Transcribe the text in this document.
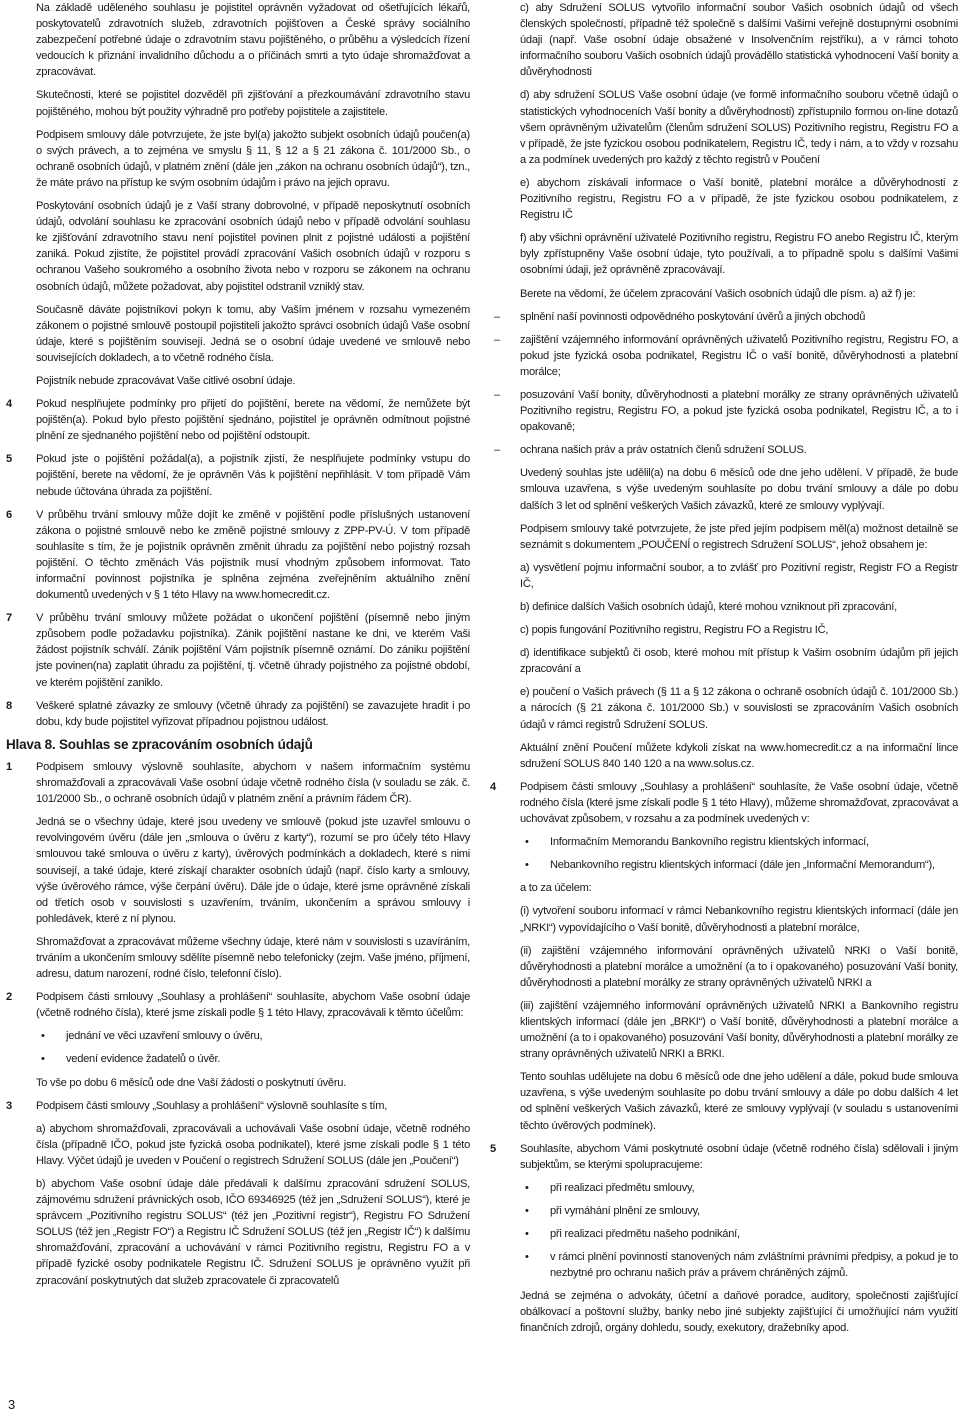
Na základě uděleného souhlasu je pojistitel oprávněn vyžadovat od ošetřujících lékařů, poskytovatelů zdravotních služeb, zdravotních pojišťoven a České správy sociálního zabezpečení potřebné údaje o zdravotním stavu pojištěného, o průběhu a výsledcích řízení vedoucích k přiznání invalidního důchodu a o příčinách smrti a tyto údaje shromažďovat a zpracovávat.

Skutečnosti, které se pojistitel dozvěděl při zjišťování a přezkoumávání zdravotního stavu pojištěného, mohou být použity výhradně pro potřeby pojistitele a zajistitele.

Podpisem smlouvy dále potvrzujete, že jste byl(a) jakožto subjekt osobních údajů poučen(a) o svých právech, a to zejména ve smyslu § 11, § 12 a § 21 zákona č. 101/2000 Sb., o ochraně osobních údajů, v platném znění (dále jen „zákon na ochranu osobních údajů“), tzn., že máte právo na přístup ke svým osobním údajům i právo na jejich opravu.

Poskytování osobních údajů je z Vaší strany dobrovolné, v případě neposkytnutí osobních údajů, odvolání souhlasu ke zpracování osobních údajů nebo v případě odvolání souhlasu ke zjišťování zdravotního stavu není pojistitel povinen plnit z pojistné události a pojištění zaniká. Pokud zjistíte, že pojistitel provádí zpracování Vašich osobních údajů v rozporu s ochranou Vašeho soukromého a osobního života nebo v rozporu se zákonem na ochranu osobních údajů, můžete požadovat, aby pojistitel odstranil vzniklý stav.

Současně dáváte pojistníkovi pokyn k tomu, aby Vaším jménem v rozsahu vymezeném zákonem o pojistné smlouvě postoupil pojistiteli jakožto správci osobních údajů Vaše osobní údaje, které s pojištěním souvisejí. Jedná se o osobní údaje uvedené ve smlouvě nebo souvisejících dokladech, a to včetně rodného čísla.

Pojistník nebude zpracovávat Vaše citlivé osobní údaje.

4	Pokud nesplňujete podmínky pro přijetí do pojištění, berete na vědomí, že nemůžete být pojištěn(a). Pokud bylo přesto pojištění sjednáno, pojistitel je oprávněn odmítnout pojistné plnění ze sjednaného pojištění nebo od pojištění odstoupit.

5	Pokud jste o pojištění požádal(a), a pojistník zjistí, že nesplňujete podmínky vstupu do pojištění, berete na vědomí, že je oprávněn Vás k pojištění nepřihlásit. V tom případě Vám nebude účtována úhrada za pojištění.

6	V průběhu trvání smlouvy může dojít ke změně v pojištění podle příslušných ustanovení zákona o pojistné smlouvě nebo ke změně pojistné smlouvy z ZPP-PV-Ú. V tom případě souhlasíte s tím, že je pojistník oprávněn změnit úhradu za pojištění nebo pojistný rozsah pojištění. O těchto změnách Vás pojistník musí vhodným způsobem informovat. Tato informační povinnost pojistníka je splněna zejména zveřejněním aktuálního znění dokumentů uvedených v § 1 této Hlavy na www.homecredit.cz.

7	V průběhu trvání smlouvy můžete požádat o ukončení pojištění (písemně nebo jiným způsobem podle požadavku pojistníka). Zánik pojištění nastane ke dni, ve kterém Vaši žádost pojistník schválí. Zánik pojištění Vám pojistník písemně oznámí. Do zániku pojištění jste povinen(na) zaplatit úhradu za pojištění, tj. včetně úhrady pojistného za pojistné období, ve kterém pojištění zaniklo.

8	Veškeré splatné závazky ze smlouvy (včetně úhrady za pojištění) se zavazujete hradit i po dobu, kdy bude pojistitel vyřizovat případnou pojistnou událost.

Hlava 8. Souhlas se zpracováním osobních údajů
1	Podpisem smlouvy výslovně souhlasíte, abychom v našem informačním systému shromažďovali a zpracovávali Vaše osobní údaje včetně rodného čísla (v souladu se zák. č. 101/2000 Sb., o ochraně osobních údajů v platném znění a právním řádem ČR).

Jedná se o všechny údaje, které jsou uvedeny ve smlouvě (pokud jste uzavřel smlouvu o revolvingovém úvěru (dále jen „smlouva o úvěru z karty“), rozumí se pro účely této Hlavy smlouvou také smlouva o úvěru z karty), úvěrových podmínkách a dokladech, které s nimi souvisejí, a také údaje, které získají charakter osobních údajů (např. číslo karty a smlouvy, výše úvěrového rámce, výše čerpání úvěru). Dále jde o údaje, které jsme oprávněné získali od třetích osob v souvislosti s uzavřením, trváním, ukončením a správou smlouvy i pohledávek, které z ní plynou.

Shromažďovat a zpracovávat můžeme všechny údaje, které nám v souvislosti s uzavíráním, trváním a ukončením smlouvy sdělíte písemně nebo telefonicky (zejm. Vaše jméno, příjmení, adresu, datum narození, rodné číslo, telefonní číslo).

2	Podpisem části smlouvy „Souhlasy a prohlášení“ souhlasíte, abychom Vaše osobní údaje (včetně rodného čísla), které jsme získali podle § 1 této Hlavy, zpracovávali k těmto účelům:

• jednání ve věci uzavření smlouvy o úvěru,
• vedení evidence žadatelů o úvěr.

To vše po dobu 6 měsíců ode dne Vaší žádosti o poskytnutí úvěru.

3	Podpisem části smlouvy „Souhlasy a prohlášení“ výslovně souhlasíte s tím,

a) abychom shromažďovali, zpracovávali a uchovávali Vaše osobní údaje, včetně rodného čísla (případně IČO, pokud jste fyzická osoba podnikatel), které jsme získali podle § 1 této Hlavy. Výčet údajů je uveden v Poučení o registrech Sdružení SOLUS (dále jen „Poučení“)

b) abychom Vaše osobní údaje dále předávali k dalšímu zpracování sdružení SOLUS, zájmovému sdružení právnických osob, IČO 69346925 (též jen „Sdružení SOLUS“), které je správcem „Pozitivního registru SOLUS“ (též jen „Pozitivní registr“), Registru FO Sdružení SOLUS (též jen „Registr FO“) a Registru IČ Sdružení SOLUS (též jen „Registr IČ“) k dalšímu shromažďování, zpracování a uchovávání v rámci Pozitivního registru, Registru FO a v případě fyzické osoby podnikatele Registru IČ. Sdružení SOLUS je oprávněno využít při zpracování poskytnutých dat služeb zpracovatele či zpracovatelů

c) aby Sdružení SOLUS vytvořilo informační soubor Vašich osobních údajů od všech členských společností, případně též společně s dalšími Vašimi veřejně dostupnými osobními údaji (např. Vaše osobní údaje obsažené v Insolvenčním rejstříku), a v rámci tohoto informačního souboru Vašich osobních údajů prováděllo statistická vyhodnocení Vaší bonity a důvěryhodnosti

d) aby sdružení SOLUS Vaše osobní údaje (ve formě informačního souboru včetně údajů o statistických vyhodnoceních Vaší bonity a důvěryhodnosti) zpřístupnilo formou on-line dotazů všem oprávněným uživatelům (členům sdružení SOLUS) Pozitivního registru, Registru FO a v případě, že jste fyzickou osobou podnikatelem, Registru IČ, tedy i nám, a to vždy v rozsahu a za podmínek uvedených pro každý z těchto registrů v Poučení

e) abychom získávali informace o Vaší bonitě, platební morálce a důvěryhodnosti z Pozitivního registru, Registru FO a v případě, že jste fyzickou osobou podnikatelem, z Registru IČ

f) aby všichni oprávnění uživatelé Pozitivního registru, Registru FO anebo Registru IČ, kterým byly zpřístupněny Vaše osobní údaje, tyto používali, a to případně spolu s dalšími Vašimi osobními údaji, jež oprávněně zpracovávají.

Berete na vědomí, že účelem zpracování Vašich osobních údajů dle písm. a) až f) je:

– splnění naší povinnosti odpovědného poskytování úvěrů a jiných obchodů
– zajištění vzájemného informování oprávněných uživatelů Pozitivního registru, Registru FO, a pokud jste fyzická osoba podnikatel, Registru IČ o vaší bonitě, důvěryhodnosti a platební morálce;
– posuzování Vaší bonity, důvěryhodnosti a platební morálky ze strany oprávněných uživatelů Pozitivního registru, Registru FO, a pokud jste fyzická osoba podnikatel, Registru IČ, a to i opakovaně;
– ochrana našich práv a práv ostatních členů sdružení SOLUS.

Uvedený souhlas jste udělil(a) na dobu 6 měsíců ode dne jeho udělení. V případě, že bude smlouva uzavřena, s výše uvedeným souhlasíte po dobu trvání smlouvy a dále po dobu dalších 3 let od splnění veškerých Vašich závazků, které ze smlouvy vyplývají.

Podpisem smlouvy také potvrzujete, že jste před jejím podpisem měl(a) možnost detailně se seznámit s dokumentem „POUČENÍ o registrech Sdružení SOLUS“, jehož obsahem je:

a) vysvětlení pojmu informační soubor, a to zvlášť pro Pozitivní registr, Registr FO a Registr IČ,

b) definice dalších Vašich osobních údajů, které mohou vzniknout při zpracování,

c) popis fungování Pozitivního registru, Registru FO a Registru IČ,

d) identifikace subjektů či osob, které mohou mít přístup k Vašim osobním údajům při jejich zpracování a

e) poučení o Vašich právech (§ 11 a § 12 zákona o ochraně osobních údajů č. 101/2000 Sb.) a nárocích (§ 21 zákona č. 101/2000 Sb.) v souvislosti se zpracováním Vašich osobních údajů v rámci registrů Sdružení SOLUS.

Aktuální znění Poučení můžete kdykoli získat na www.homecredit.cz a na informační lince sdružení SOLUS 840 140 120 a na www.solus.cz.

4	Podpisem části smlouvy „Souhlasy a prohlášení“ souhlasíte, že Vaše osobní údaje, včetně rodného čísla (které jsme získali podle § 1 této Hlavy), můžeme shromažďovat, zpracovávat a uchovávat způsobem, v rozsahu a za podmínek uvedených v:

• Informačním Memorandu Bankovního registru klientských informací,
• Nebankovního registru klientských informací (dále jen „Informační Memorandum“),

a to za účelem:

(i) vytvoření souboru informací v rámci Nebankovního registru klientských informací (dále jen „NRKI“) vypovídajícího o Vaší bonitě, důvěryhodnosti a platební morálce,

(ii) zajištění vzájemného informování oprávněných uživatelů NRKI o Vaší bonitě, důvěryhodnosti a platební morálce a umožnění (a to i opakovaného) posuzování Vaší bonity, důvěryhodnosti a platební morálky ze strany oprávněných uživatelů NRKI a

(iii) zajištění vzájemného informování oprávněných uživatelů NRKI a Bankovního registru klientských informací (dále jen „BRKI“) o Vaší bonitě, důvěryhodnosti a platební morálce a umožnění (a to i opakovaného) posuzování Vaší bonity, důvěryhodnosti a platební morálky ze strany oprávněných uživatelů NRKI a BRKI.

Tento souhlas udělujete na dobu 6 měsíců ode dne jeho udělení a dále, pokud bude smlouva uzavřena, s výše uvedeným souhlasíte po dobu trvání smlouvy a dále po dobu dalších 4 let od splnění veškerých Vašich závazků, které ze smlouvy vyplývají (v souladu s ustanoveními těchto úvěrových podmínek).

5	Souhlasíte, abychom Vámi poskytnuté osobní údaje (včetně rodného čísla) sdělovali i jiným subjektům, se kterými spolupracujeme:

• při realizaci předmětu smlouvy,
• při vymáhání plnění ze smlouvy,
• při realizaci předmětu našeho podnikání,
• v rámci plnění povinností stanovených nám zvláštními právními předpisy, a pokud je to nezbytné pro ochranu našich práv a právem chráněných zájmů.

Jedná se zejména o advokáty, účetní a daňové poradce, auditory, společnosti zajišťující obálkovací a poštovní služby, banky nebo jiné subjekty zajišťující či umožňující nám využití finančních zdrojů, orgány dohledu, soudy, exekutory, dražebníky apod.

3
